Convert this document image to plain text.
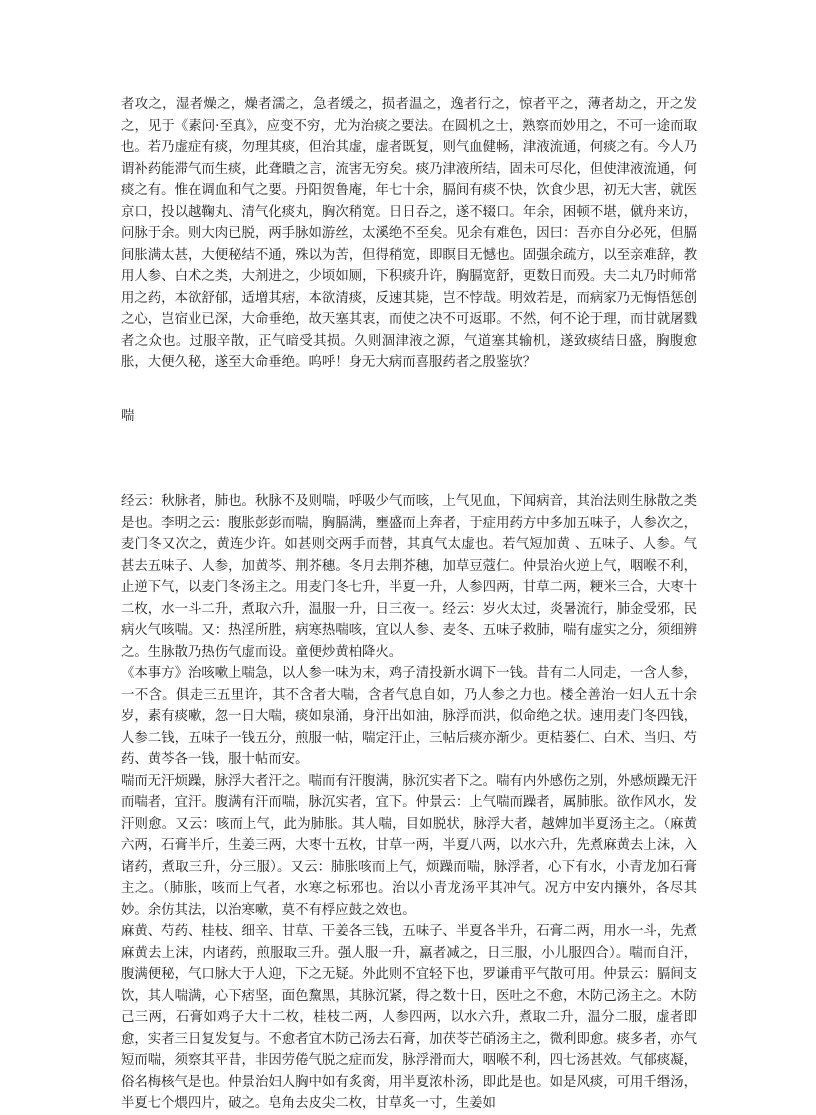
者攻之，湿者燥之，燥者濡之，急者缓之，损者温之，逸者行之，惊者平之，薄者劫之，开之发之，见于《素问·至真》，应变不穷，尤为治痰之要法。在圆机之士，熟察而妙用之，不可一途而取也。若乃虚症有痰，勿理其痰，但治其虚，虚者既复，则气血健畅，津液流通，何痰之有。今人乃谓补药能滞气而生痰，此聋瞶之言，流害无穷矣。痰乃津液所结，固未可尽化，但使津液流通，何痰之有。惟在调血和气之要。丹阳贺鲁庵，年七十余，膈间有痰不快，饮食少思，初无大害，就医京口，投以越鞠丸、清气化痰丸，胸次稍宽。日日吞之，遂不辍口。年余，困顿不堪，僦舟来访，问脉于余。则大肉已脱，两手脉如游丝，太溪绝不至矣。见余有难色，因曰：吾亦自分必死，但膈间胀满太甚，大便秘结不通，殊以为苦，但得稍宽，即瞑目无憾也。固强余疏方，以至亲难辞，教用人参、白术之类，大剂进之，少顷如厕，下积痰升许，胸膈宽舒，更数日而殁。夫二丸乃时师常用之药，本欲舒郁，适增其痞，本欲清痰，反速其毙，岂不悖哉。明效若是，而病家乃无悔悟惩创之心，岂宿业已深，大命垂绝，故天塞其衷，而使之决不可返耶。不然，何不论于理，而甘就屠戮者之众也。过服辛散，正气暗受其损。久则涸津液之源，气道塞其输机，遂致痰结日盛，胸腹愈胀，大便久秘，遂至大命垂绝。呜呼！身无大病而喜服药者之殷鉴欤？

喘

经云：秋脉者，肺也。秋脉不及则喘，呼吸少气而咳，上气见血，下闻病音，其治法则生脉散之类是也。李明之云：腹胀彭彭而喘，胸膈满，壅盛而上奔者，于症用药方中多加五味子，人参次之，麦门冬又次之，黄连少许。如甚则交两手而替，其真气太虚也。若气短加黄 、五味子、人参。气甚去五味子、人参，加黄芩、荆芥穗。冬月去荆芥穗，加草豆蔻仁。仲景治火逆上气，咽喉不利，止逆下气，以麦门冬汤主之。用麦门冬七升，半夏一升，人参四两，甘草二两，粳米三合，大枣十二枚，水一斗二升，煮取六升，温服一升，日三夜一。经云：岁火太过，炎暑流行，肺金受邪，民病火气咳喘。又：热淫所胜，病寒热喘咳，宜以人参、麦冬、五味子救肺，喘有虚实之分，须细辨之。生脉散乃热伤气虚而设。童便炒黄柏降火。

《本事方》治咳嗽上喘急，以人参一味为末，鸡子清投新水调下一钱。昔有二人同走，一含人参，一不含。俱走三五里许，其不含者大喘，含者气息自如，乃人参之力也。楼全善治一妇人五十余岁，素有痰嗽，忽一日大喘，痰如泉涌，身汗出如油，脉浮而洪，似命绝之状。速用麦门冬四钱，人参二钱，五味子一钱五分，煎服一帖，喘定汗止，三帖后痰亦渐少。更桔蒌仁、白术、当归、芍药、黄芩各一钱，服十帖而安。

喘而无汗烦躁，脉浮大者汗之。喘而有汗腹满，脉沉实者下之。喘有内外感伤之别，外感烦躁无汗而喘者，宜汗。腹满有汗而喘，脉沉实者，宜下。仲景云：上气喘而躁者，属肺胀。欲作风水，发汗则愈。又云：咳而上气，此为肺胀。其人喘，目如脱状，脉浮大者，越婢加半夏汤主之。（麻黄六两，石膏半斤，生姜三两，大枣十五枚，甘草一两，半夏八两，以水六升，先煮麻黄去上沫，入诸药，煮取三升，分三服）。又云：肺胀咳而上气，烦躁而喘，脉浮者，心下有水，小青龙加石膏主之。（肺胀，咳而上气者，水寒之标邪也。治以小青龙汤平其冲气。况方中安内攘外，各尽其妙。余仿其法，以治寒嗽，莫不有桴应鼓之效也。

麻黄、芍药、桂枝、细辛、甘草、干姜各三钱，五味子、半夏各半升，石膏二两，用水一斗，先煮麻黄去上沫，内诸药，煎服取三升。强人服一升，羸者减之，日三服，小儿服四合）。喘而自汗，腹满便秘，气口脉大于人迎，下之无疑。外此则不宜轻下也，罗谦甫平气散可用。仲景云：膈间支饮，其人喘满，心下痞坚，面色黧黑，其脉沉紧，得之数十日，医吐之不愈，木防己汤主之。木防己三两，石膏如鸡子大十二枚，桂枝二两，人参四两，以水六升，煮取二升，温分二服，虚者即愈，实者三日复发复与。不愈者宜木防己汤去石膏，加茯苓芒硝汤主之，微利即愈。痰多者，亦气短而喘，须察其平昔，非因劳倦气脱之症而发，脉浮滑而大，咽喉不利，四七汤甚效。气郁痰凝，俗名梅核气是也。仲景治妇人胸中如有炙脔，用半夏浓朴汤，即此是也。如是风痰，可用千缗汤，半夏七个煨四片，破之。皂角去皮尖二枚，甘草炙一寸，生姜如
